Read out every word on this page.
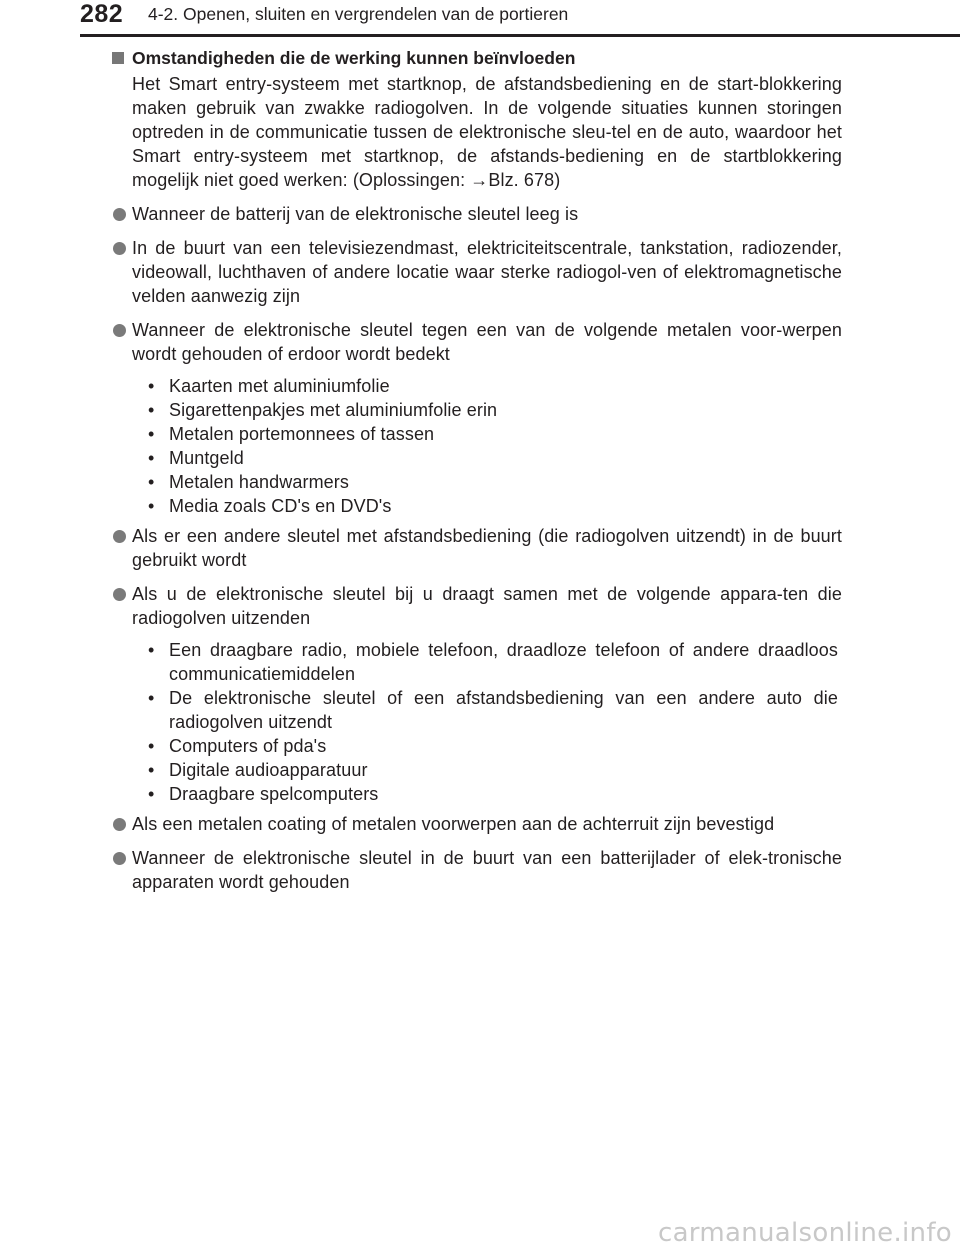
282 4-2. Openen, sluiten en vergrendelen van de portieren
Omstandigheden die de werking kunnen beïnvloeden
Het Smart entry-systeem met startknop, de afstandsbediening en de start-blokkering maken gebruik van zwakke radiogolven. In de volgende situaties kunnen storingen optreden in de communicatie tussen de elektronische sleu-tel en de auto, waardoor het Smart entry-systeem met startknop, de afstands-bediening en de startblokkering mogelijk niet goed werken: (Oplossingen: →Blz. 678)
Wanneer de batterij van de elektronische sleutel leeg is
In de buurt van een televisiezendmast, elektriciteitscentrale, tankstation, radiozender, videowall, luchthaven of andere locatie waar sterke radiogol-ven of elektromagnetische velden aanwezig zijn
Wanneer de elektronische sleutel tegen een van de volgende metalen voor-werpen wordt gehouden of erdoor wordt bedekt
• Kaarten met aluminiumfolie
• Sigarettenpakjes met aluminiumfolie erin
• Metalen portemonnees of tassen
• Muntgeld
• Metalen handwarmers
• Media zoals CD's en DVD's
Als er een andere sleutel met afstandsbediening (die radiogolven uitzendt) in de buurt gebruikt wordt
Als u de elektronische sleutel bij u draagt samen met de volgende appara-ten die radiogolven uitzenden
• Een draagbare radio, mobiele telefoon, draadloze telefoon of andere draadloos communicatiemiddelen
• De elektronische sleutel of een afstandsbediening van een andere auto die radiogolven uitzendt
• Computers of pda's
• Digitale audioapparatuur
• Draagbare spelcomputers
Als een metalen coating of metalen voorwerpen aan de achterruit zijn bevestigd
Wanneer de elektronische sleutel in de buurt van een batterijlader of elek-tronische apparaten wordt gehouden
carmanualsonline.info
